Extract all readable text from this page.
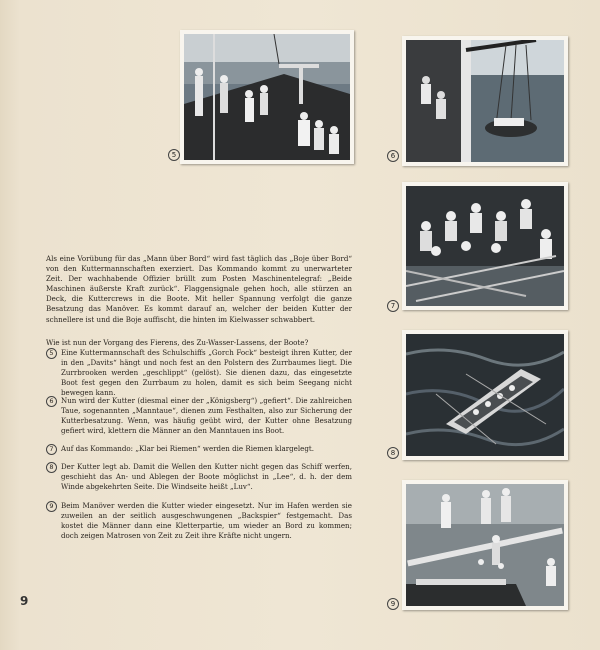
5	6
7
8
9

Als eine Vorübung für das „Mann über Bord“ wird fast täglich das „Boje über Bord“ von den Kuttermannschaften exerziert. Das Kommando kommt zu unerwarteter Zeit. Der wachhabende Offizier brüllt zum Posten Maschinentelegraf: „Beide Maschinen äußerste Kraft zurück“. Flaggensignale gehen hoch, alle stürzen an Deck, die Kuttercrews in die Boote. Mit heller Spannung verfolgt die ganze Besatzung das Manöver. Es kommt darauf an, welcher der beiden Kutter der schnellere ist und die Boje auffischt, die hinten im Kielwasser schwabbert.

Wie ist nun der Vorgang des Fierens, des Zu-Wasser-Lassens, der Boote?

5	Eine Kuttermannschaft des Schulschiffs „Gorch Fock“ besteigt ihren Kutter, der in den „Davits“ hängt und noch fest an den Polstern des Zurrbaumes liegt. Die Zurrbrooken werden „geschlippt“ (gelöst). Sie dienen dazu, das eingesetzte Boot fest gegen den Zurrbaum zu holen, damit es sich beim Seegang nicht bewegen kann.
6	Nun wird der Kutter (diesmal einer der „Königsberg“) „gefiert“. Die zahlreichen Taue, sogenannten „Manntaue“, dienen zum Festhalten, also zur Sicherung der Kutterbesatzung. Wenn, was häufig geübt wird, der Kutter ohne Besatzung gefiert wird, klettern die Männer an den Manntauen ins Boot.
7	Auf das Kommando: „Klar bei Riemen“ werden die Riemen klargelegt.
8	Der Kutter legt ab. Damit die Wellen den Kutter nicht gegen das Schiff werfen, geschieht das An- und Ablegen der Boote möglichst in „Lee“, d. h. der dem Winde abgekehrten Seite. Die Windseite heißt „Luv“.
9	Beim Manöver werden die Kutter wieder eingesetzt. Nur im Hafen werden sie zuweilen an der seitlich ausgeschwungenen „Backspier“ festgemacht. Das kostet die Männer dann eine Kletterpartie, um wieder an Bord zu kommen; doch zeigen Matrosen von Zeit zu Zeit ihre Kräfte nicht ungern.
9
